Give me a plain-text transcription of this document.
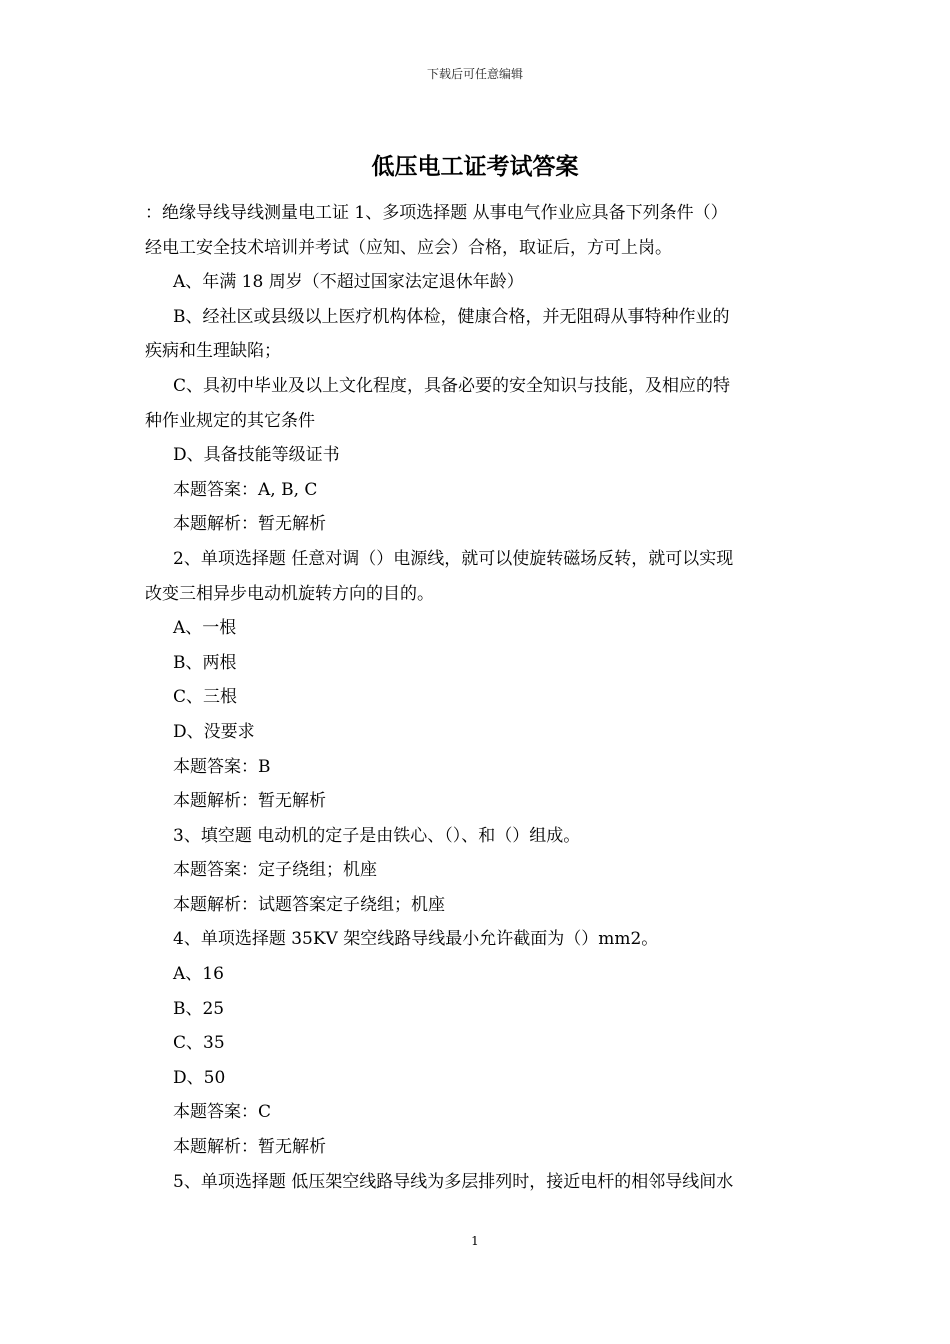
下载后可任意编辑
低压电工证考试答案
：绝缘导线导线测量电工证 1、多项选择题 从事电气作业应具备下列条件（）
经电工安全技术培训并考试（应知、应会）合格，取证后，方可上岗。
A、年满 18 周岁（不超过国家法定退休年龄）
B、经社区或县级以上医疗机构体检，健康合格，并无阻碍从事特种作业的
疾病和生理缺陷；
C、具初中毕业及以上文化程度，具备必要的安全知识与技能，及相应的特
种作业规定的其它条件
D、具备技能等级证书
本题答案：A, B, C
本题解析：暂无解析
2、单项选择题 任意对调（）电源线，就可以使旋转磁场反转，就可以实现
改变三相异步电动机旋转方向的目的。
A、一根
B、两根
C、三根
D、没要求
本题答案：B
本题解析：暂无解析
3、填空题 电动机的定子是由铁心、（）、和（）组成。
本题答案：定子绕组；机座
本题解析：试题答案定子绕组；机座
4、单项选择题 35KV 架空线路导线最小允许截面为（）mm2。
A、16
B、25
C、35
D、50
本题答案：C
本题解析：暂无解析
5、单项选择题 低压架空线路导线为多层排列时，接近电杆的相邻导线间水
1
